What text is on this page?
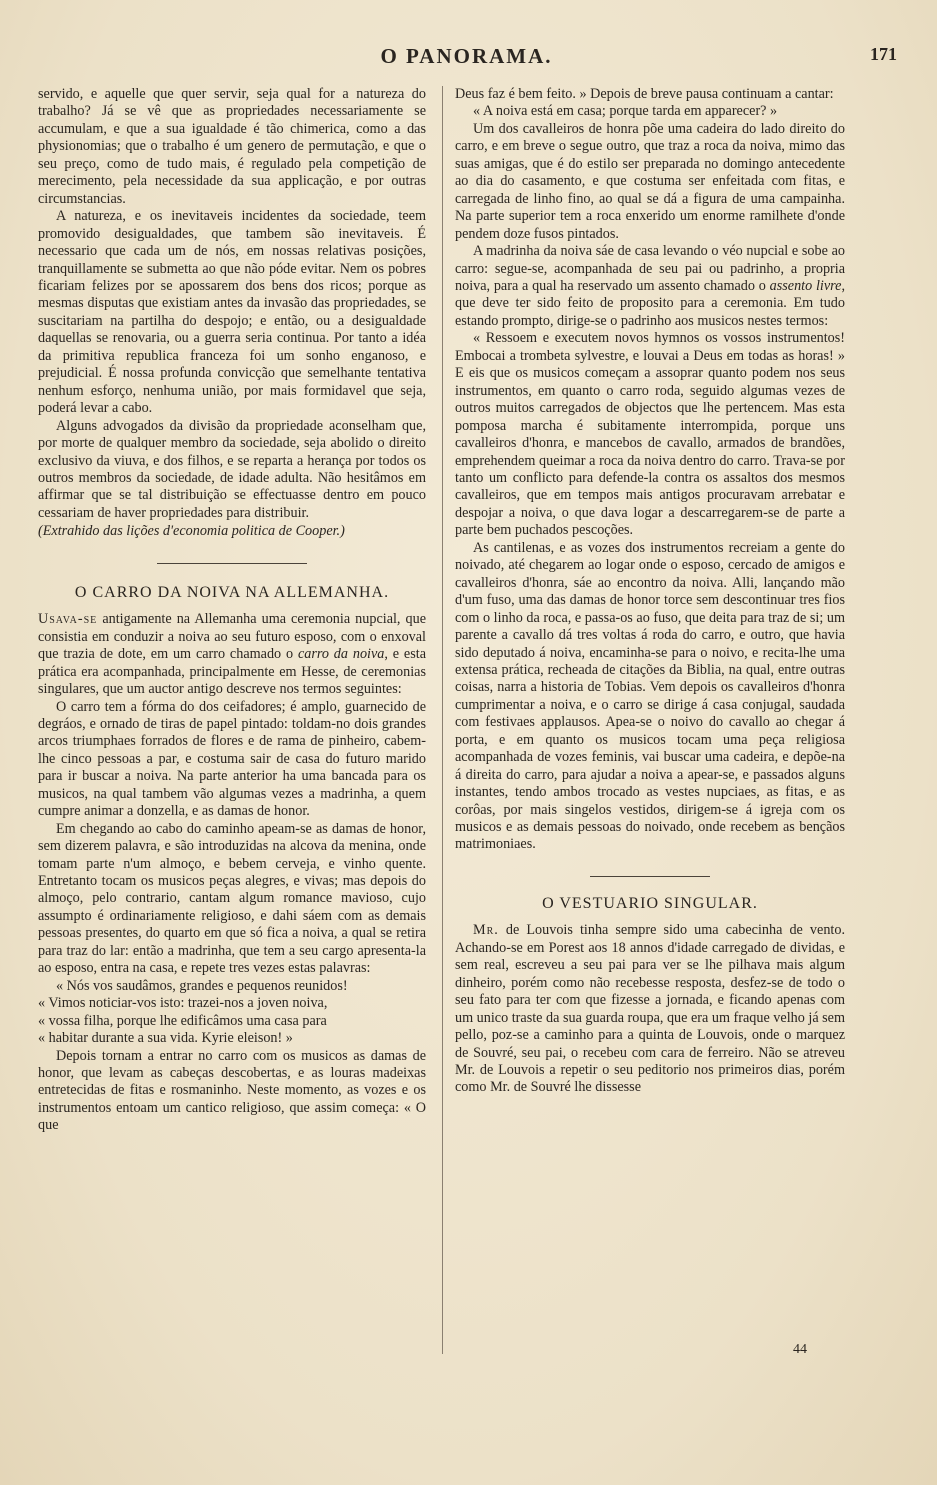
O PANORAMA.	171

servido, e aquelle que quer servir, seja qual for a natureza do trabalho? Já se vê que as propriedades necessariamente se accumulam, e que a sua igualdade é tão chimerica, como a das physionomias; que o trabalho é um genero de permutação, e que o seu preço, como de tudo mais, é regulado pela competição de merecimento, pela necessidade da sua applicação, e por outras circumstancias.

A natureza, e os inevitaveis incidentes da sociedade, teem promovido desigualdades, que tambem são inevitaveis. É necessario que cada um de nós, em nossas relativas posições, tranquillamente se submetta ao que não póde evitar. Nem os pobres ficariam felizes por se apossarem dos bens dos ricos; porque as mesmas disputas que existiam antes da invasão das propriedades, se suscitariam na partilha do despojo; e então, ou a desigualdade daquellas se renovaria, ou a guerra seria continua. Por tanto a idéa da primitiva republica franceza foi um sonho enganoso, e prejudicial. É nossa profunda convicção que semelhante tentativa nenhum esforço, nenhuma união, por mais formidavel que seja, poderá levar a cabo.

Alguns advogados da divisão da propriedade aconselham que, por morte de qualquer membro da sociedade, seja abolido o direito exclusivo da viuva, e dos filhos, e se reparta a herança por todos os outros membros da sociedade, de idade adulta. Não hesitâmos em affirmar que se tal distribuição se effectuasse dentro em pouco cessariam de haver propriedades para distribuir.

(Extrahido das lições d'economia politica de Cooper.)

O CARRO DA NOIVA NA ALLEMANHA.

Usava-se antigamente na Allemanha uma ceremonia nupcial, que consistia em conduzir a noiva ao seu futuro esposo, com o enxoval que trazia de dote, em um carro chamado o carro da noiva, e esta prática era acompanhada, principalmente em Hesse, de ceremonias singulares, que um auctor antigo descreve nos termos seguintes:

O carro tem a fórma do dos ceifadores; é amplo, guarnecido de degráos, e ornado de tiras de papel pintado: toldam-no dois grandes arcos triumphaes forrados de flores e de rama de pinheiro, cabem-lhe cinco pessoas a par, e costuma sair de casa do futuro marido para ir buscar a noiva. Na parte anterior ha uma bancada para os musicos, na qual tambem vão algumas vezes a madrinha, a quem cumpre animar a donzella, e as damas de honor.

Em chegando ao cabo do caminho apeam-se as damas de honor, sem dizerem palavra, e são introduzidas na alcova da menina, onde tomam parte n'um almoço, e bebem cerveja, e vinho quente. Entretanto tocam os musicos peças alegres, e vivas; mas depois do almoço, pelo contrario, cantam algum romance mavioso, cujo assumpto é ordinariamente religioso, e dahi sáem com as demais pessoas presentes, do quarto em que só fica a noiva, a qual se retira para traz do lar: então a madrinha, que tem a seu cargo apresenta-la ao esposo, entra na casa, e repete tres vezes estas palavras:

« Nós vos saudâmos, grandes e pequenos reunidos!

« Vimos noticiar-vos isto: trazei-nos a joven noiva,

« vossa filha, porque lhe edificâmos uma casa para

« habitar durante a sua vida. Kyrie eleison! »

Depois tornam a entrar no carro com os musicos as damas de honor, que levam as cabeças descobertas, e as louras madeixas entretecidas de fitas e rosmaninho. Neste momento, as vozes e os instrumentos entoam um cantico religioso, que assim começa: « O que

Deus faz é bem feito. » Depois de breve pausa continuam a cantar:

« A noiva está em casa; porque tarda em apparecer? »

Um dos cavalleiros de honra põe uma cadeira do lado direito do carro, e em breve o segue outro, que traz a roca da noiva, mimo das suas amigas, que é do estilo ser preparada no domingo antecedente ao dia do casamento, e que costuma ser enfeitada com fitas, e carregada de linho fino, ao qual se dá a figura de uma campainha. Na parte superior tem a roca enxerido um enorme ramilhete d'onde pendem doze fusos pintados.

A madrinha da noiva sáe de casa levando o véo nupcial e sobe ao carro: segue-se, acompanhada de seu pai ou padrinho, a propria noiva, para a qual ha reservado um assento chamado o assento livre, que deve ter sido feito de proposito para a ceremonia. Em tudo estando prompto, dirige-se o padrinho aos musicos nestes termos:

« Ressoem e executem novos hymnos os vossos instrumentos! Embocai a trombeta sylvestre, e louvai a Deus em todas as horas! » E eis que os musicos começam a assoprar quanto podem nos seus instrumentos, em quanto o carro roda, seguido algumas vezes de outros muitos carregados de objectos que lhe pertencem. Mas esta pomposa marcha é subitamente interrompida, porque uns cavalleiros d'honra, e mancebos de cavallo, armados de brandões, emprehendem queimar a roca da noiva dentro do carro. Trava-se por tanto um conflicto para defende-la contra os assaltos dos mesmos cavalleiros, que em tempos mais antigos procuravam arrebatar e despojar a noiva, o que dava logar a descarregarem-se de parte a parte bem puchados pescoções.

As cantilenas, e as vozes dos instrumentos recreiam a gente do noivado, até chegarem ao logar onde o esposo, cercado de amigos e cavalleiros d'honra, sáe ao encontro da noiva. Alli, lançando mão d'um fuso, uma das damas de honor torce sem descontinuar tres fios com o linho da roca, e passa-os ao fuso, que deita para traz de si; um parente a cavallo dá tres voltas á roda do carro, e outro, que havia sido deputado á noiva, encaminha-se para o noivo, e recita-lhe uma extensa prática, recheada de citações da Biblia, na qual, entre outras coisas, narra a historia de Tobias. Vem depois os cavalleiros d'honra cumprimentar a noiva, e o carro se dirige á casa conjugal, saudada com festivaes applausos. Apea-se o noivo do cavallo ao chegar á porta, e em quanto os musicos tocam uma peça religiosa acompanhada de vozes feminis, vai buscar uma cadeira, e depõe-na á direita do carro, para ajudar a noiva a apear-se, e passados alguns instantes, tendo ambos trocado as vestes nupciaes, as fitas, e as corôas, por mais singelos vestidos, dirigem-se á igreja com os musicos e as demais pessoas do noivado, onde recebem as bençãos matrimoniaes.

O VESTUARIO SINGULAR.

Mr. de Louvois tinha sempre sido uma cabecinha de vento. Achando-se em Porest aos 18 annos d'idade carregado de dividas, e sem real, escreveu a seu pai para ver se lhe pilhava mais algum dinheiro, porém como não recebesse resposta, desfez-se de todo o seu fato para ter com que fizesse a jornada, e ficando apenas com um unico traste da sua guarda roupa, que era um fraque velho já sem pello, poz-se a caminho para a quinta de Louvois, onde o marquez de Souvré, seu pai, o recebeu com cara de ferreiro. Não se atreveu Mr. de Louvois a repetir o seu peditorio nos primeiros dias, porém como Mr. de Souvré lhe dissesse

44
